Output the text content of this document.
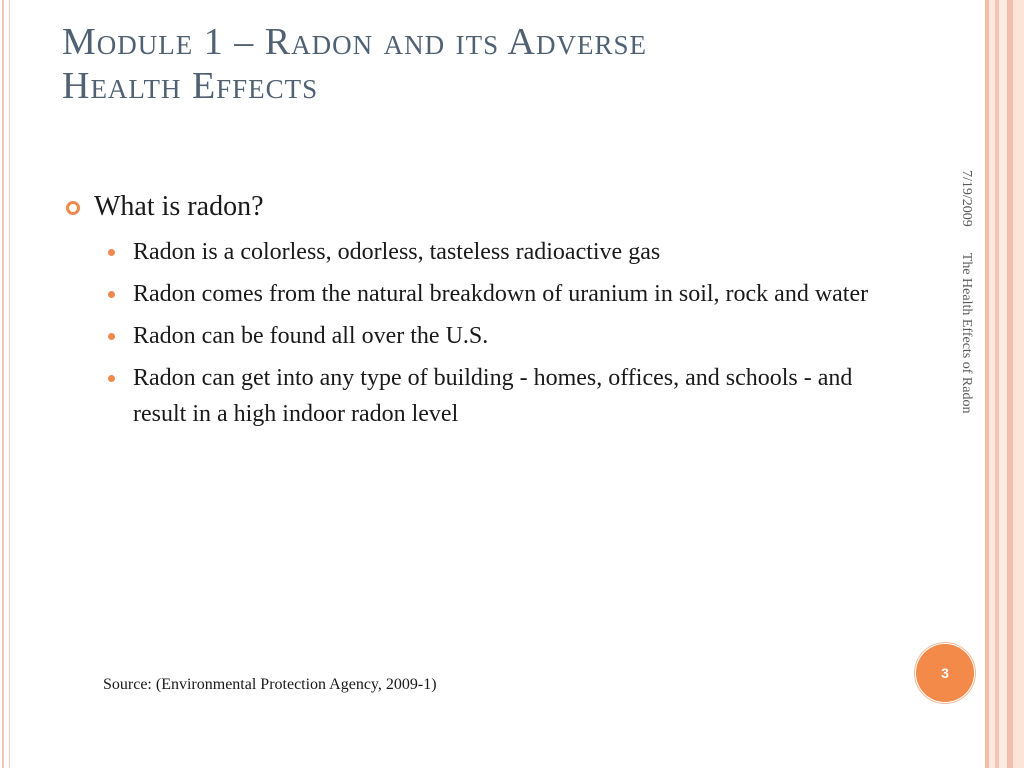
Module 1 – Radon and its Adverse
Health Effects
What is radon?
Radon is a colorless, odorless, tasteless radioactive gas
Radon comes from the natural breakdown of uranium in soil, rock and water
Radon can be found all over the U.S.
Radon can get into any type of building - homes, offices, and schools - and result in a high indoor radon level
Source: (Environmental Protection Agency, 2009-1)
7/19/2009The Health Effects of Radon
3
